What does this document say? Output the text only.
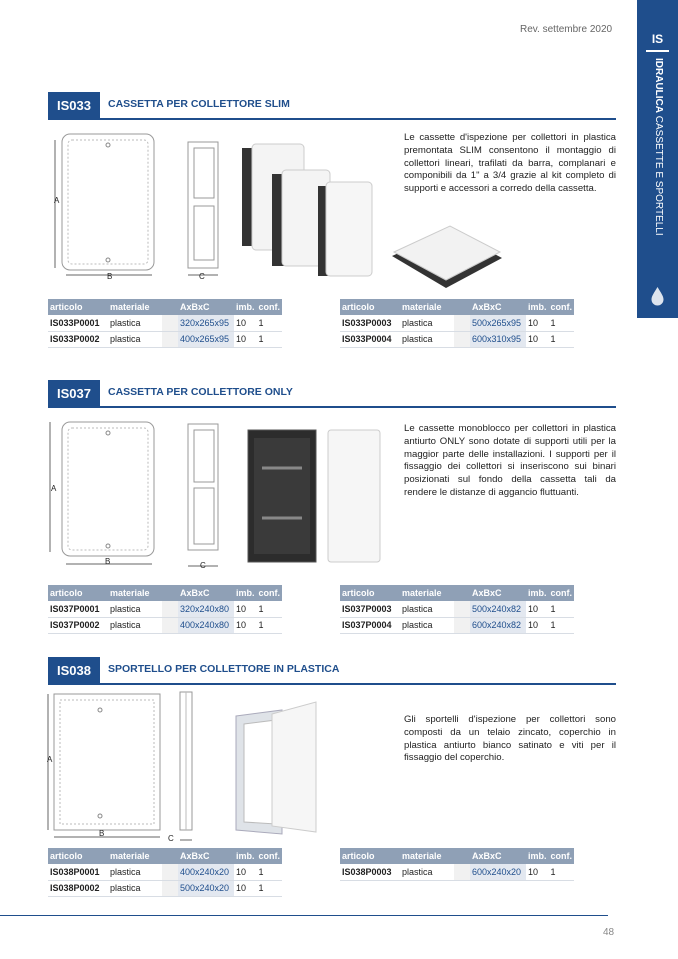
Rev. settembre 2020
IS
IDRAULICA CASSETTE E SPORTELLI
IS033	CASSETTA PER COLLETTORE SLIM
A
B	C
Le cassette d'ispezione per collettori in plastica premontata SLIM consentono il montaggio di collettori lineari, trafilati da barra, complanari e componibili da 1" a 3/4 grazie al kit completo di supporti e accessori a corredo della cassetta.
articolo	materiale		AxBxC	imb.	conf.
IS033P0001	plastica		320x265x95	10	1
IS033P0002	plastica		400x265x95	10	1
articolo	materiale		AxBxC	imb.	conf.
IS033P0003	plastica		500x265x95	10	1
IS033P0004	plastica		600x310x95	10	1
IS037	CASSETTA PER COLLETTORE ONLY
A
B	C
Le cassette monoblocco per collettori in plastica antiurto ONLY sono dotate di supporti utili per la maggior parte delle installazioni. I supporti per il fissaggio dei collettori si inseriscono sui binari posizionati sul fondo della cassetta tali da rendere le distanze di aggancio fluttuanti.
articolo	materiale		AxBxC	imb.	conf.
IS037P0001	plastica		320x240x80	10	1
IS037P0002	plastica		400x240x80	10	1
articolo	materiale		AxBxC	imb.	conf.
IS037P0003	plastica		500x240x82	10	1
IS037P0004	plastica		600x240x82	10	1
IS038	SPORTELLO PER COLLETTORE IN PLASTICA
A
B
C
Gli sportelli d'ispezione per collettori sono composti da un telaio zincato, coperchio in plastica antiurto bianco satinato e viti per il fissaggio del coperchio.
articolo	materiale		AxBxC	imb.	conf.
IS038P0001	plastica		400x240x20	10	1
IS038P0002	plastica		500x240x20	10	1
articolo	materiale		AxBxC	imb.	conf.
IS038P0003	plastica		600x240x20	10	1
48
